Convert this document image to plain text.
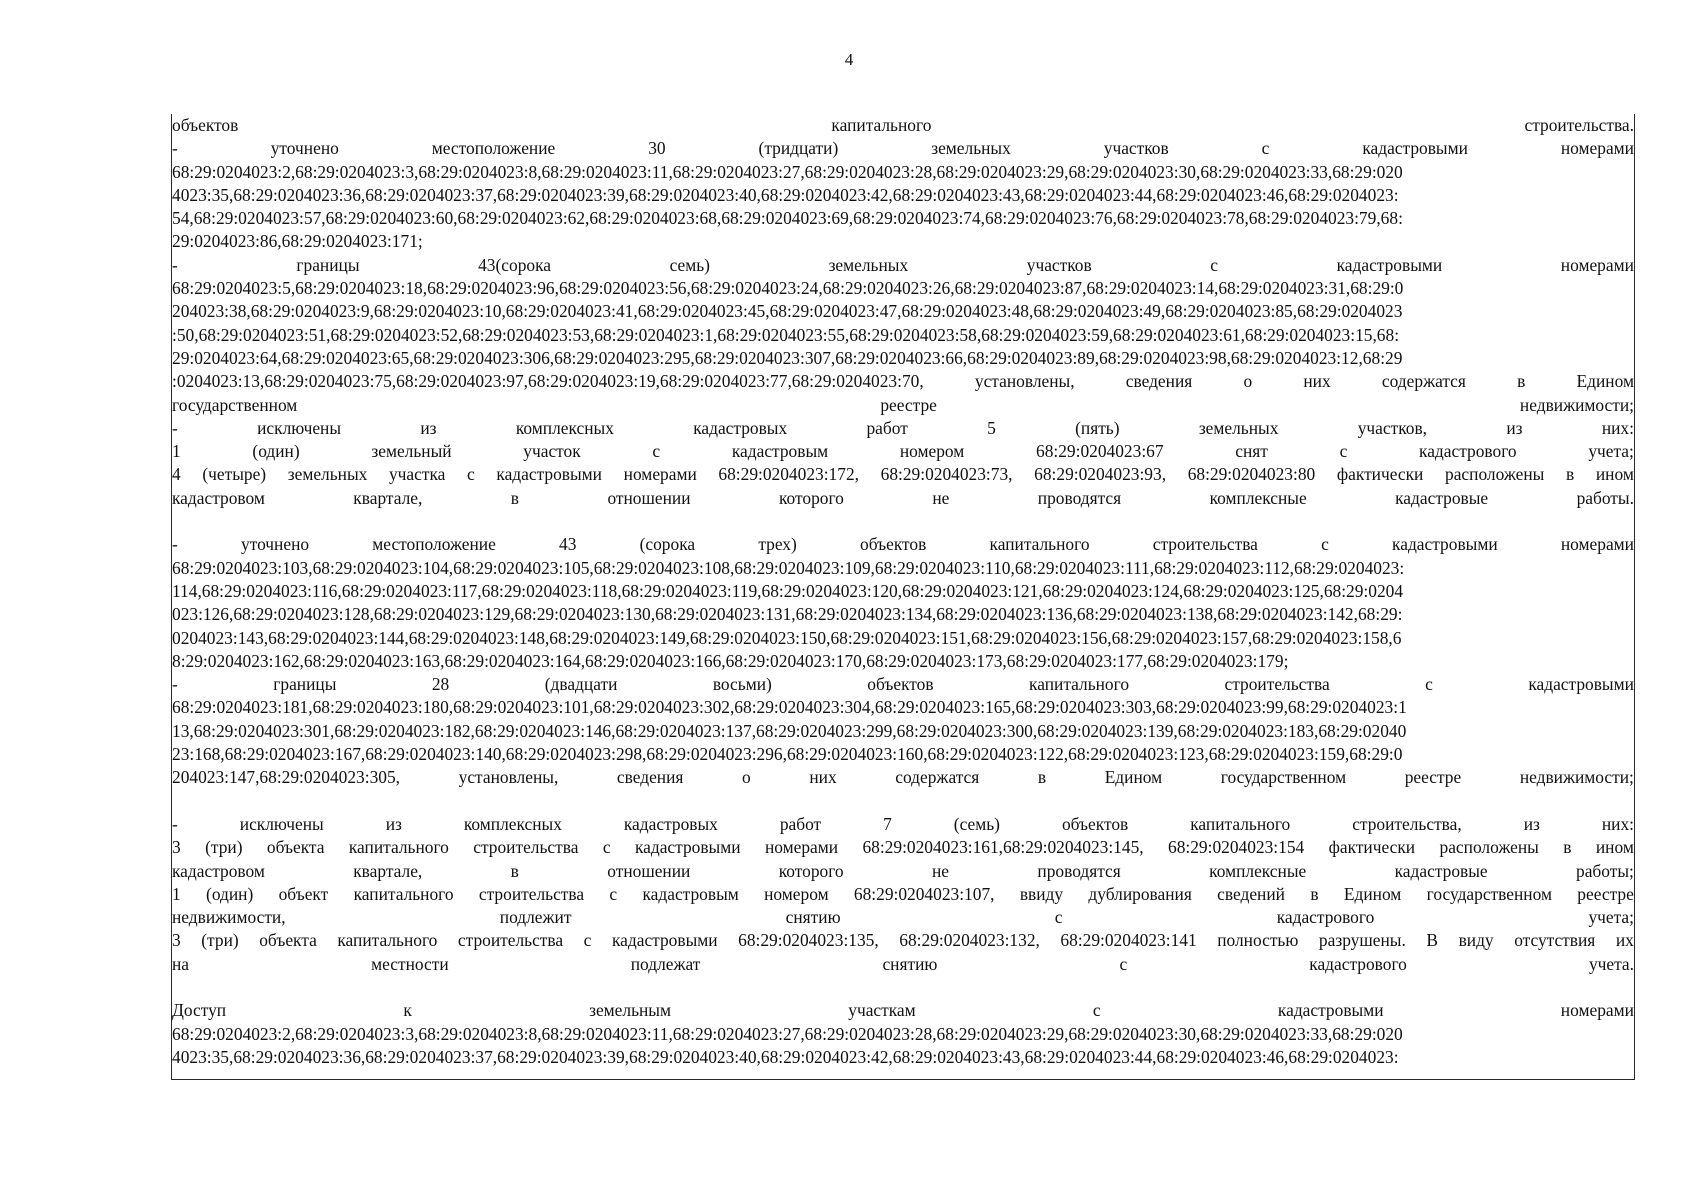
4
объектов	капитального	строительства.
-	уточнено	местоположение	30	(тридцати)	земельных	участков	с	кадастровыми	номерами
68:29:0204023:2,68:29:0204023:3,68:29:0204023:8,68:29:0204023:11,68:29:0204023:27,68:29:0204023:28,68:29:0204023:29,68:29:0204023:30,68:29:0204023:33,68:29:020
4023:35,68:29:0204023:36,68:29:0204023:37,68:29:0204023:39,68:29:0204023:40,68:29:0204023:42,68:29:0204023:43,68:29:0204023:44,68:29:0204023:46,68:29:0204023:
54,68:29:0204023:57,68:29:0204023:60,68:29:0204023:62,68:29:0204023:68,68:29:0204023:69,68:29:0204023:74,68:29:0204023:76,68:29:0204023:78,68:29:0204023:79,68:
29:0204023:86,68:29:0204023:171;
-	границы	43(сорока	семь)	земельных	участков	с	кадастровыми	номерами
68:29:0204023:5,68:29:0204023:18,68:29:0204023:96,68:29:0204023:56,68:29:0204023:24,68:29:0204023:26,68:29:0204023:87,68:29:0204023:14,68:29:0204023:31,68:29:0
204023:38,68:29:0204023:9,68:29:0204023:10,68:29:0204023:41,68:29:0204023:45,68:29:0204023:47,68:29:0204023:48,68:29:0204023:49,68:29:0204023:85,68:29:0204023
:50,68:29:0204023:51,68:29:0204023:52,68:29:0204023:53,68:29:0204023:1,68:29:0204023:55,68:29:0204023:58,68:29:0204023:59,68:29:0204023:61,68:29:0204023:15,68:
29:0204023:64,68:29:0204023:65,68:29:0204023:306,68:29:0204023:295,68:29:0204023:307,68:29:0204023:66,68:29:0204023:89,68:29:0204023:98,68:29:0204023:12,68:29
:0204023:13,68:29:0204023:75,68:29:0204023:97,68:29:0204023:19,68:29:0204023:77,68:29:0204023:70,	установлены,	сведения	о	них	содержатся	в	Едином
государственном	реестре	недвижимости;
-	исключены	из	комплексных	кадастровых	работ	5	(пять)	земельных	участков,	из	них:
1	(один)	земельный	участок	с	кадастровым	номером	68:29:0204023:67	снят	с	кадастрового	учета;
4 (четыре) земельных участка с кадастровыми номерами 68:29:0204023:172, 68:29:0204023:73, 68:29:0204023:93, 68:29:0204023:80 фактически расположены в ином
кадастровом	квартале,	в	отношении	которого	не	проводятся	комплексные	кадастровые	работы.
-	уточнено	местоположение	43	(сорока	трех)	объектов	капитального	строительства	с	кадастровыми	номерами
68:29:0204023:103,68:29:0204023:104,68:29:0204023:105,68:29:0204023:108,68:29:0204023:109,68:29:0204023:110,68:29:0204023:111,68:29:0204023:112,68:29:0204023:
114,68:29:0204023:116,68:29:0204023:117,68:29:0204023:118,68:29:0204023:119,68:29:0204023:120,68:29:0204023:121,68:29:0204023:124,68:29:0204023:125,68:29:0204
023:126,68:29:0204023:128,68:29:0204023:129,68:29:0204023:130,68:29:0204023:131,68:29:0204023:134,68:29:0204023:136,68:29:0204023:138,68:29:0204023:142,68:29:
0204023:143,68:29:0204023:144,68:29:0204023:148,68:29:0204023:149,68:29:0204023:150,68:29:0204023:151,68:29:0204023:156,68:29:0204023:157,68:29:0204023:158,6
8:29:0204023:162,68:29:0204023:163,68:29:0204023:164,68:29:0204023:166,68:29:0204023:170,68:29:0204023:173,68:29:0204023:177,68:29:0204023:179;
-	границы	28	(двадцати	восьми)	объектов	капитального	строительства	с	кадастровыми
68:29:0204023:181,68:29:0204023:180,68:29:0204023:101,68:29:0204023:302,68:29:0204023:304,68:29:0204023:165,68:29:0204023:303,68:29:0204023:99,68:29:0204023:1
13,68:29:0204023:301,68:29:0204023:182,68:29:0204023:146,68:29:0204023:137,68:29:0204023:299,68:29:0204023:300,68:29:0204023:139,68:29:0204023:183,68:29:02040
23:168,68:29:0204023:167,68:29:0204023:140,68:29:0204023:298,68:29:0204023:296,68:29:0204023:160,68:29:0204023:122,68:29:0204023:123,68:29:0204023:159,68:29:0
204023:147,68:29:0204023:305,	установлены,	сведения	о	них	содержатся	в	Едином	государственном	реестре	недвижимости;
-	исключены	из	комплексных	кадастровых	работ	7	(семь)	объектов	капитального	строительства,	из	них:
3 (три) объекта капитального строительства с кадастровыми номерами 68:29:0204023:161,68:29:0204023:145, 68:29:0204023:154 фактически расположены в ином
кадастровом	квартале,	в	отношении	которого	не	проводятся	комплексные	кадастровые	работы;
1 (один) объект капитального строительства с кадастровым номером 68:29:0204023:107, ввиду дублирования сведений в Едином государственном реестре
недвижимости,	подлежит	снятию	с	кадастрового	учета;
3 (три) объекта капитального строительства с кадастровыми 68:29:0204023:135, 68:29:0204023:132, 68:29:0204023:141 полностью разрушены. В виду отсутствия их
на	местности	подлежат	снятию	с	кадастрового	учета.
Доступ	к	земельным	участкам	с	кадастровыми	номерами
68:29:0204023:2,68:29:0204023:3,68:29:0204023:8,68:29:0204023:11,68:29:0204023:27,68:29:0204023:28,68:29:0204023:29,68:29:0204023:30,68:29:0204023:33,68:29:020
4023:35,68:29:0204023:36,68:29:0204023:37,68:29:0204023:39,68:29:0204023:40,68:29:0204023:42,68:29:0204023:43,68:29:0204023:44,68:29:0204023:46,68:29:0204023:
